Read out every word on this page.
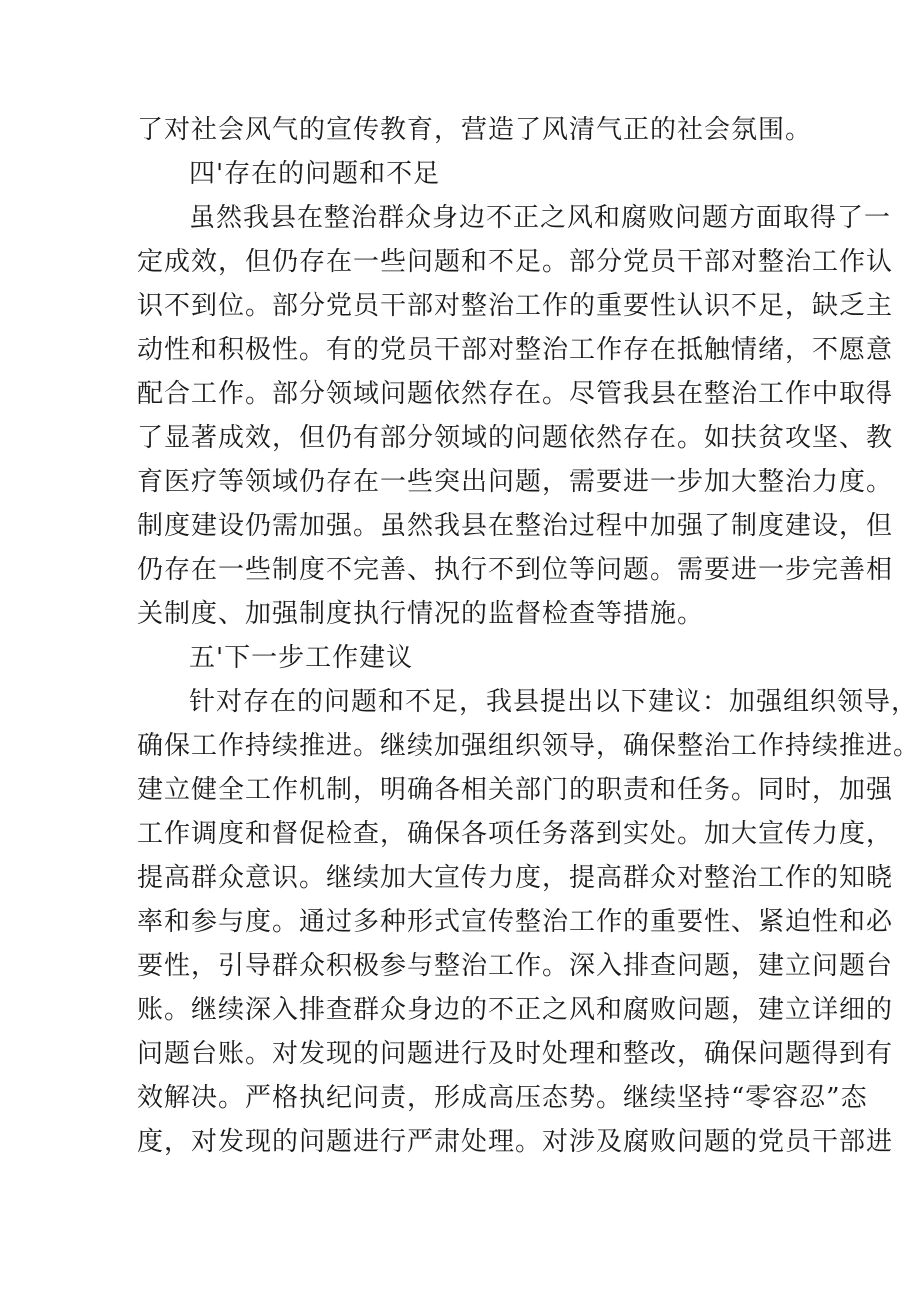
了对社会风气的宣传教育，营造了风清气正的社会氛围。
四'存在的问题和不足
虽然我县在整治群众身边不正之风和腐败问题方面取得了一
定成效，但仍存在一些问题和不足。部分党员干部对整治工作认
识不到位。部分党员干部对整治工作的重要性认识不足，缺乏主
动性和积极性。有的党员干部对整治工作存在抵触情绪，不愿意
配合工作。部分领域问题依然存在。尽管我县在整治工作中取得
了显著成效，但仍有部分领域的问题依然存在。如扶贫攻坚、教
育医疗等领域仍存在一些突出问题，需要进一步加大整治力度。
制度建设仍需加强。虽然我县在整治过程中加强了制度建设，但
仍存在一些制度不完善、执行不到位等问题。需要进一步完善相
关制度、加强制度执行情况的监督检查等措施。
五'下一步工作建议
针对存在的问题和不足，我县提出以下建议：加强组织领导，
确保工作持续推进。继续加强组织领导，确保整治工作持续推进。
建立健全工作机制，明确各相关部门的职责和任务。同时，加强
工作调度和督促检查，确保各项任务落到实处。加大宣传力度，
提高群众意识。继续加大宣传力度，提高群众对整治工作的知晓
率和参与度。通过多种形式宣传整治工作的重要性、紧迫性和必
要性，引导群众积极参与整治工作。深入排查问题，建立问题台
账。继续深入排查群众身边的不正之风和腐败问题，建立详细的
问题台账。对发现的问题进行及时处理和整改，确保问题得到有
效解决。严格执纪问责，形成高压态势。继续坚持“零容忍”态
度，对发现的问题进行严肃处理。对涉及腐败问题的党员干部进
